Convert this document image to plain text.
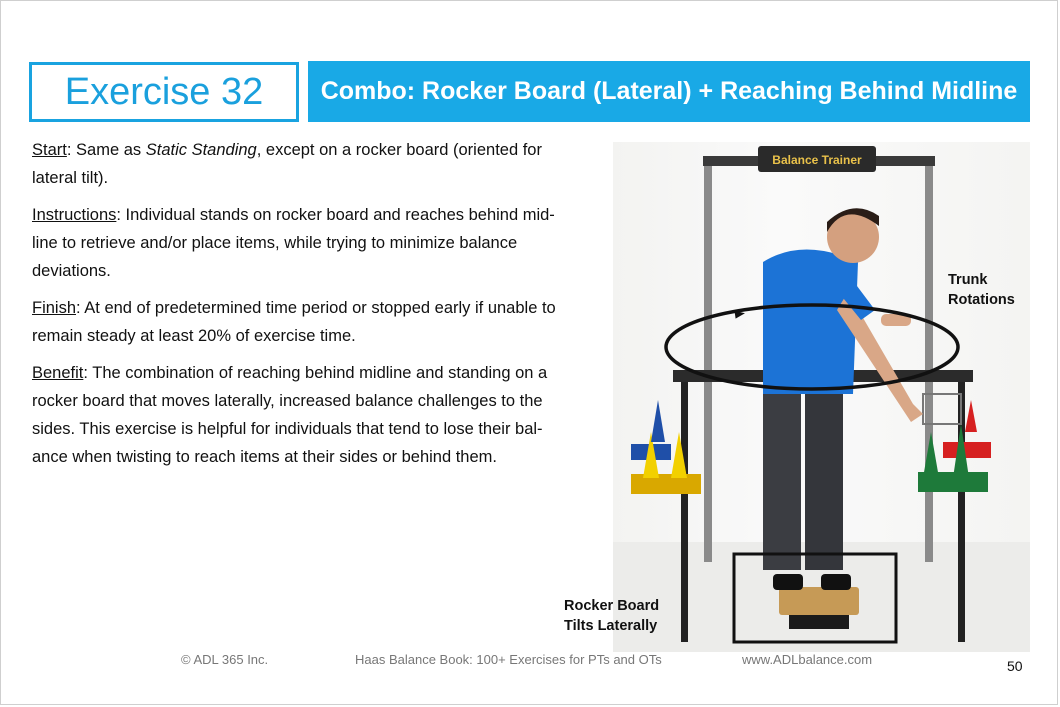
Exercise 32 Combo: Rocker Board (Lateral) + Reaching Behind Midline

Start: Same as Static Standing, except on a rocker board (oriented for lateral tilt).

Instructions: Individual stands on rocker board and reaches behind mid-line to retrieve and/or place items, while trying to minimize balance deviations.

Finish: At end of predetermined time period or stopped early if unable to remain steady at least 20% of exercise time.

Benefit: The combination of reaching behind midline and standing on a rocker board that moves laterally, increased balance challenges to the sides. This exercise is helpful for individuals that tend to lose their bal-ance when twisting to reach items at their sides or behind them.

Balance Trainer
Trunk
Rotations
Rocker Board
Tilts Laterally
© ADL 365 Inc.	Haas Balance Book: 100+ Exercises for PTs and OTs	www.ADLbalance.com	50
